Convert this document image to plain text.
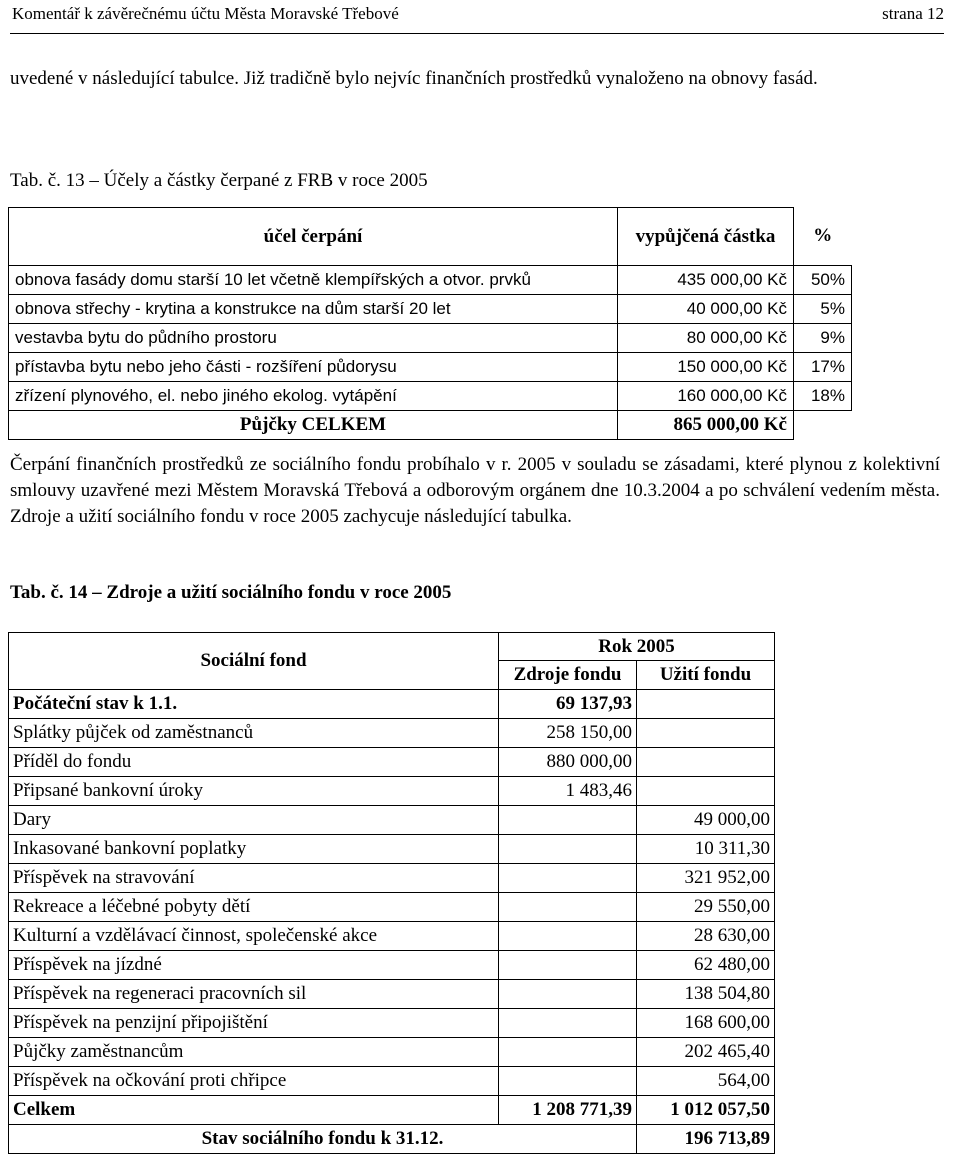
Komentář k závěrečnému účtu Města Moravské Třebové	strana 12
uvedené v následující tabulce. Již tradičně bylo nejvíc finančních prostředků vynaloženo na obnovy fasád.
Tab. č. 13 – Účely a částky čerpané z FRB v roce 2005
účel čerpání	vypůjčená částka	%
obnova fasády domu starší 10 let včetně klempířských a otvor. prvků	435 000,00 Kč	50%
obnova střechy - krytina a konstrukce na dům starší 20 let	40 000,00 Kč	5%
vestavba bytu do půdního prostoru	80 000,00 Kč	9%
přístavba bytu nebo jeho části - rozšíření půdorysu	150 000,00 Kč	17%
zřízení plynového, el. nebo jiného ekolog. vytápění	160 000,00 Kč	18%
Půjčky CELKEM	865 000,00 Kč	
Čerpání finančních prostředků ze sociálního fondu probíhalo v r. 2005 v souladu se zásadami, které plynou z kolektivní smlouvy uzavřené mezi Městem Moravská Třebová a odborovým orgánem dne 10.3.2004 a po schválení vedením města. Zdroje a užití sociálního fondu v roce 2005 zachycuje následující tabulka.
Tab. č. 14 – Zdroje a užití sociálního fondu v roce 2005
Sociální fond	Rok 2005	
	Zdroje fondu	Užití fondu
Počáteční stav k 1.1.	69 137,93	
Splátky půjček od zaměstnanců	258 150,00	
Příděl do fondu	880 000,00	
Připsané bankovní úroky	1 483,46	
Dary		49 000,00
Inkasované bankovní poplatky		10 311,30
Příspěvek na stravování		321 952,00
Rekreace a léčebné pobyty dětí		29 550,00
Kulturní a vzdělávací činnost, společenské akce		28 630,00
Příspěvek na jízdné		62 480,00
Příspěvek na regeneraci pracovních sil		138 504,80
Příspěvek na penzijní připojištění		168 600,00
Půjčky zaměstnancům		202 465,40
Příspěvek na očkování proti chřipce		564,00
Celkem	1 208 771,39	1 012 057,50
Stav sociálního fondu k 31.12.		196 713,89
